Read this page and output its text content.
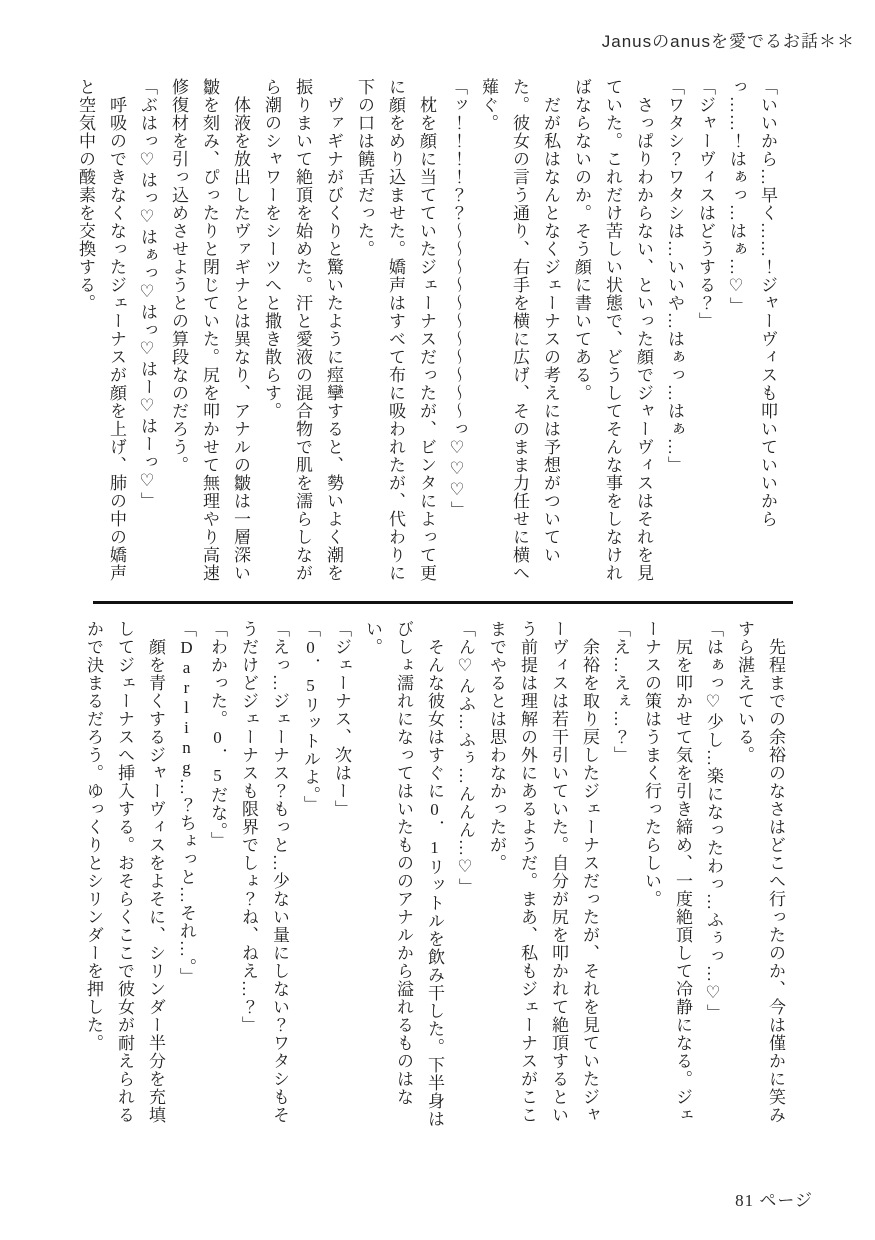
Janusのanusを愛でるお話＊＊

「いいから…早く……！ジャーヴィスも叩いていいからっ……！はぁっ…はぁ…♡」

「ジャーヴィスはどうする？」

「ワタシ？ワタシは…いいや…はぁっ…はぁ…」

さっぱりわからない、といった顔でジャーヴィスはそれを見ていた。これだけ苦しい状態で、どうしてそんな事をしなければならないのか。そう顔に書いてある。

だが私はなんとなくジェーナスの考えには予想がついていた。彼女の言う通り、右手を横に広げ、そのまま力任せに横へ薙ぐ。

「ッ！！！！？？～～～～～～～～～～～っ♡♡♡」

枕を顔に当てていたジェーナスだったが、ビンタによって更に顔をめり込ませた。嬌声はすべて布に吸われたが、代わりに下の口は饒舌だった。

ヴァギナがびくりと驚いたように痙攣すると、勢いよく潮を振りまいて絶頂を始めた。汗と愛液の混合物で肌を濡らしながら潮のシャワーをシーツへと撒き散らす。

体液を放出したヴァギナとは異なり、アナルの皺は一層深い皺を刻み、ぴったりと閉じていた。尻を叩かせて無理やり高速修復材を引っ込めさせようとの算段なのだろう。

「ぶはっ♡はっ♡はぁっ♡はっ♡はー♡はーっ♡」

呼吸のできなくなったジェーナスが顔を上げ、肺の中の嬌声と空気中の酸素を交換する。

先程までの余裕のなさはどこへ行ったのか、今は僅かに笑みすら湛えている。

「はぁっ♡少し…楽になったわっ…ふぅっ…♡」

尻を叩かせて気を引き締め、一度絶頂して冷静になる。ジェーナスの策はうまく行ったらしい。

「え…えぇ…？」

余裕を取り戻したジェーナスだったが、それを見ていたジャーヴィスは若干引いていた。自分が尻を叩かれて絶頂するという前提は理解の外にあるようだ。まあ、私もジェーナスがここまでやるとは思わなかったが。

「ん♡んふ…ふぅ…んんん…♡」

そんな彼女はすぐに0．1リットルを飲み干した。下半身はびしょ濡れになってはいたもののアナルから溢れるものはない。

「ジェーナス、次はー」

「0．5リットルよ。」

「えっ…ジェーナス？もっと…少ない量にしない？ワタシもそうだけどジェーナスも限界でしょ？ね、ねえ…？」

「わかった。0．5だな。」

「Darling…？ちょっと…それ…。」

顔を青くするジャーヴィスをよそに、シリンダー半分を充填してジェーナスへ挿入する。おそらくここで彼女が耐えられるかで決まるだろう。ゆっくりとシリンダーを押した。

81 ページ
